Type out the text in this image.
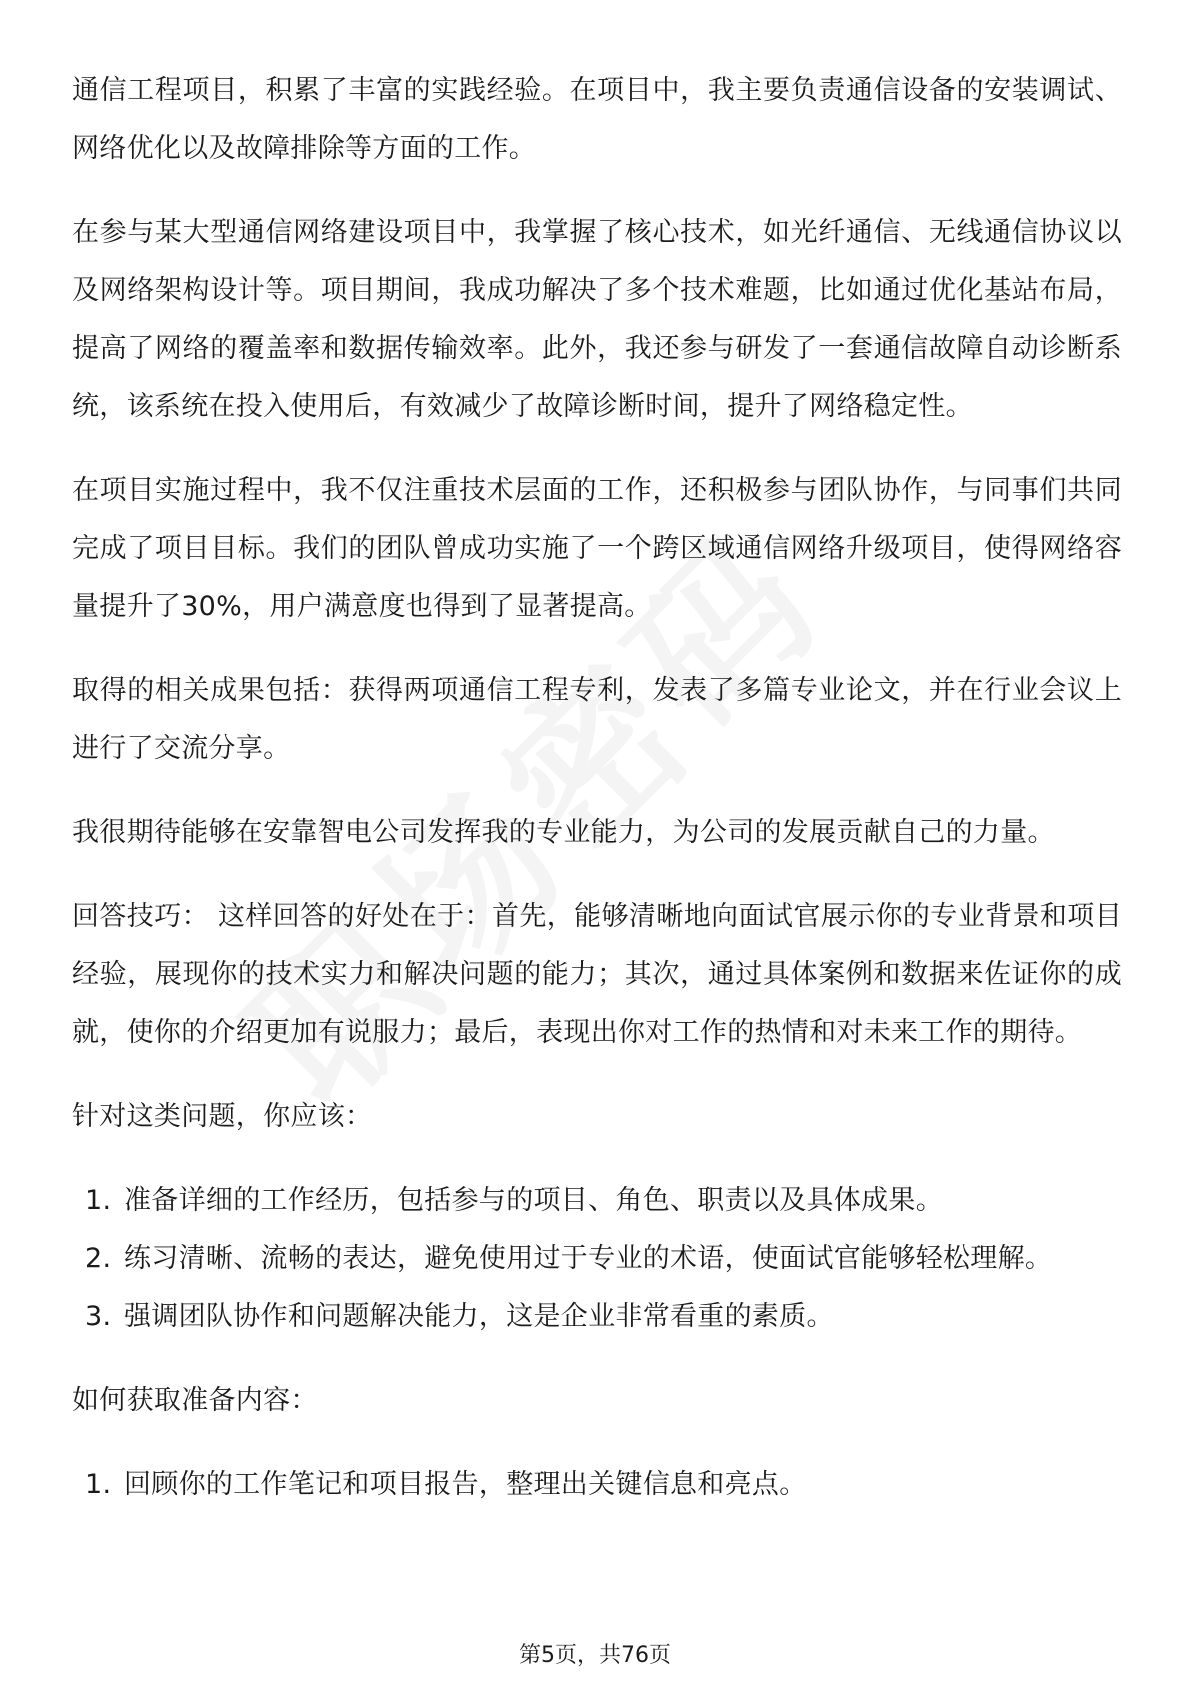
通信工程项目，积累了丰富的实践经验。在项目中，我主要负责通信设备的安装调试、网络优化以及故障排除等方面的工作。

在参与某大型通信网络建设项目中，我掌握了核心技术，如光纤通信、无线通信协议以及网络架构设计等。项目期间，我成功解决了多个技术难题，比如通过优化基站布局，提高了网络的覆盖率和数据传输效率。此外，我还参与研发了一套通信故障自动诊断系统，该系统在投入使用后，有效减少了故障诊断时间，提升了网络稳定性。

在项目实施过程中，我不仅注重技术层面的工作，还积极参与团队协作，与同事们共同完成了项目目标。我们的团队曾成功实施了一个跨区域通信网络升级项目，使得网络容量提升了30%，用户满意度也得到了显著提高。

取得的相关成果包括：获得两项通信工程专利，发表了多篇专业论文，并在行业会议上进行了交流分享。

我很期待能够在安靠智电公司发挥我的专业能力，为公司的发展贡献自己的力量。

回答技巧： 这样回答的好处在于：首先，能够清晰地向面试官展示你的专业背景和项目经验，展现你的技术实力和解决问题的能力；其次，通过具体案例和数据来佐证你的成就，使你的介绍更加有说服力；最后，表现出你对工作的热情和对未来工作的期待。

针对这类问题，你应该：

1. 准备详细的工作经历，包括参与的项目、角色、职责以及具体成果。
2. 练习清晰、流畅的表达，避免使用过于专业的术语，使面试官能够轻松理解。
3. 强调团队协作和问题解决能力，这是企业非常看重的素质。

如何获取准备内容：

1. 回顾你的工作笔记和项目报告，整理出关键信息和亮点。
第5页，共76页
